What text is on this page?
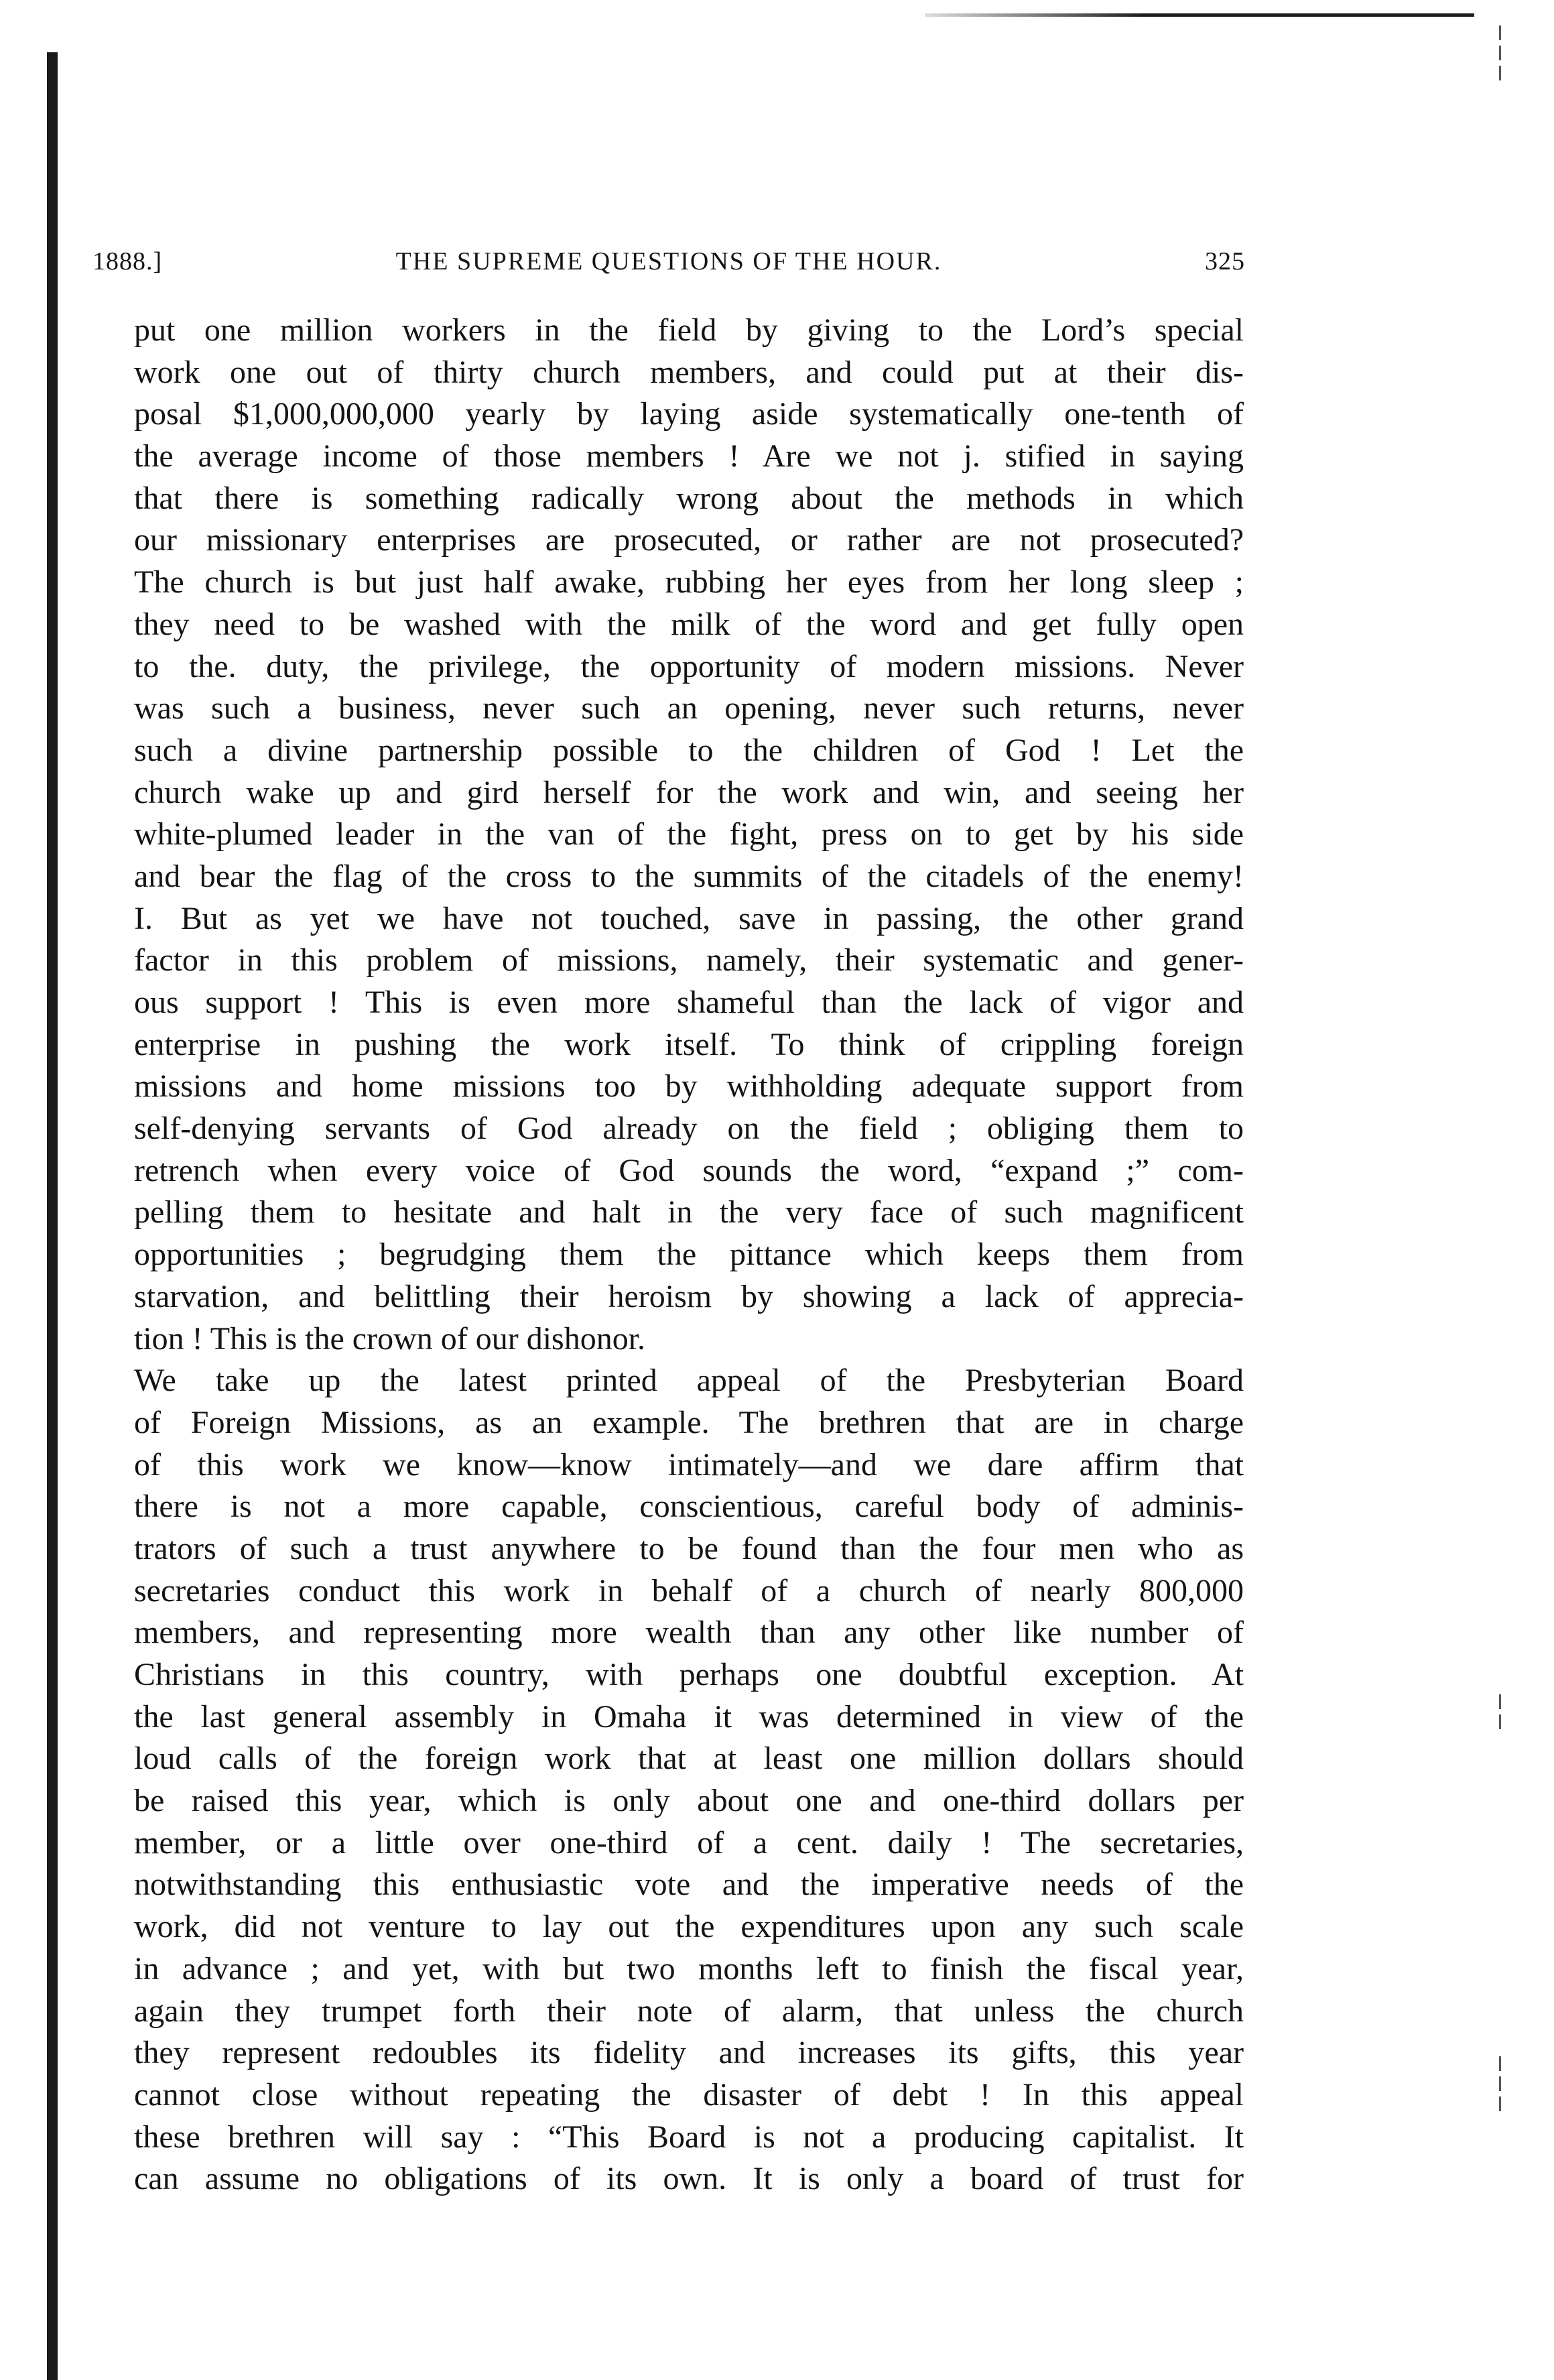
1888.]	THE SUPREME QUESTIONS OF THE HOUR.	325
put one million workers in the field by giving to the Lord’s special
work one out of thirty church members, and could put at their dis-
posal $1,000,000,000 yearly by laying aside systematically one-tenth of
the average income of those members ! Are we not j. stified in saying
that there is something radically wrong about the methods in which
our missionary enterprises are prosecuted, or rather are not prosecuted?
The church is but just half awake, rubbing her eyes from her long sleep ;
they need to be washed with the milk of the word and get fully open
to the. duty, the privilege, the opportunity of modern missions. Never
was such a business, never such an opening, never such returns, never
such a divine partnership possible to the children of God ! Let the
church wake up and gird herself for the work and win, and seeing her
white-plumed leader in the van of the fight, press on to get by his side
and bear the flag of the cross to the summits of the citadels of the enemy!
I. But as yet we have not touched, save in passing, the other grand
factor in this problem of missions, namely, their systematic and gener-
ous support ! This is even more shameful than the lack of vigor and
enterprise in pushing the work itself. To think of crippling foreign
missions and home missions too by withholding adequate support from
self-denying servants of God already on the field ; obliging them to
retrench when every voice of God sounds the word, “expand ;” com-
pelling them to hesitate and halt in the very face of such magnificent
opportunities ; begrudging them the pittance which keeps them from
starvation, and belittling their heroism by showing a lack of apprecia-
tion ! This is the crown of our dishonor.
We take up the latest printed appeal of the Presbyterian Board
of Foreign Missions, as an example. The brethren that are in charge
of this work we know—know intimately—and we dare affirm that
there is not a more capable, conscientious, careful body of adminis-
trators of such a trust anywhere to be found than the four men who as
secretaries conduct this work in behalf of a church of nearly 800,000
members, and representing more wealth than any other like number of
Christians in this country, with perhaps one doubtful exception. At
the last general assembly in Omaha it was determined in view of the
loud calls of the foreign work that at least one million dollars should
be raised this year, which is only about one and one-third dollars per
member, or a little over one-third of a cent. daily ! The secretaries,
notwithstanding this enthusiastic vote and the imperative needs of the
work, did not venture to lay out the expenditures upon any such scale
in advance ; and yet, with but two months left to finish the fiscal year,
again they trumpet forth their note of alarm, that unless the church
they represent redoubles its fidelity and increases its gifts, this year
cannot close without repeating the disaster of debt ! In this appeal
these brethren will say : “This Board is not a producing capitalist. It
can assume no obligations of its own. It is only a board of trust for
